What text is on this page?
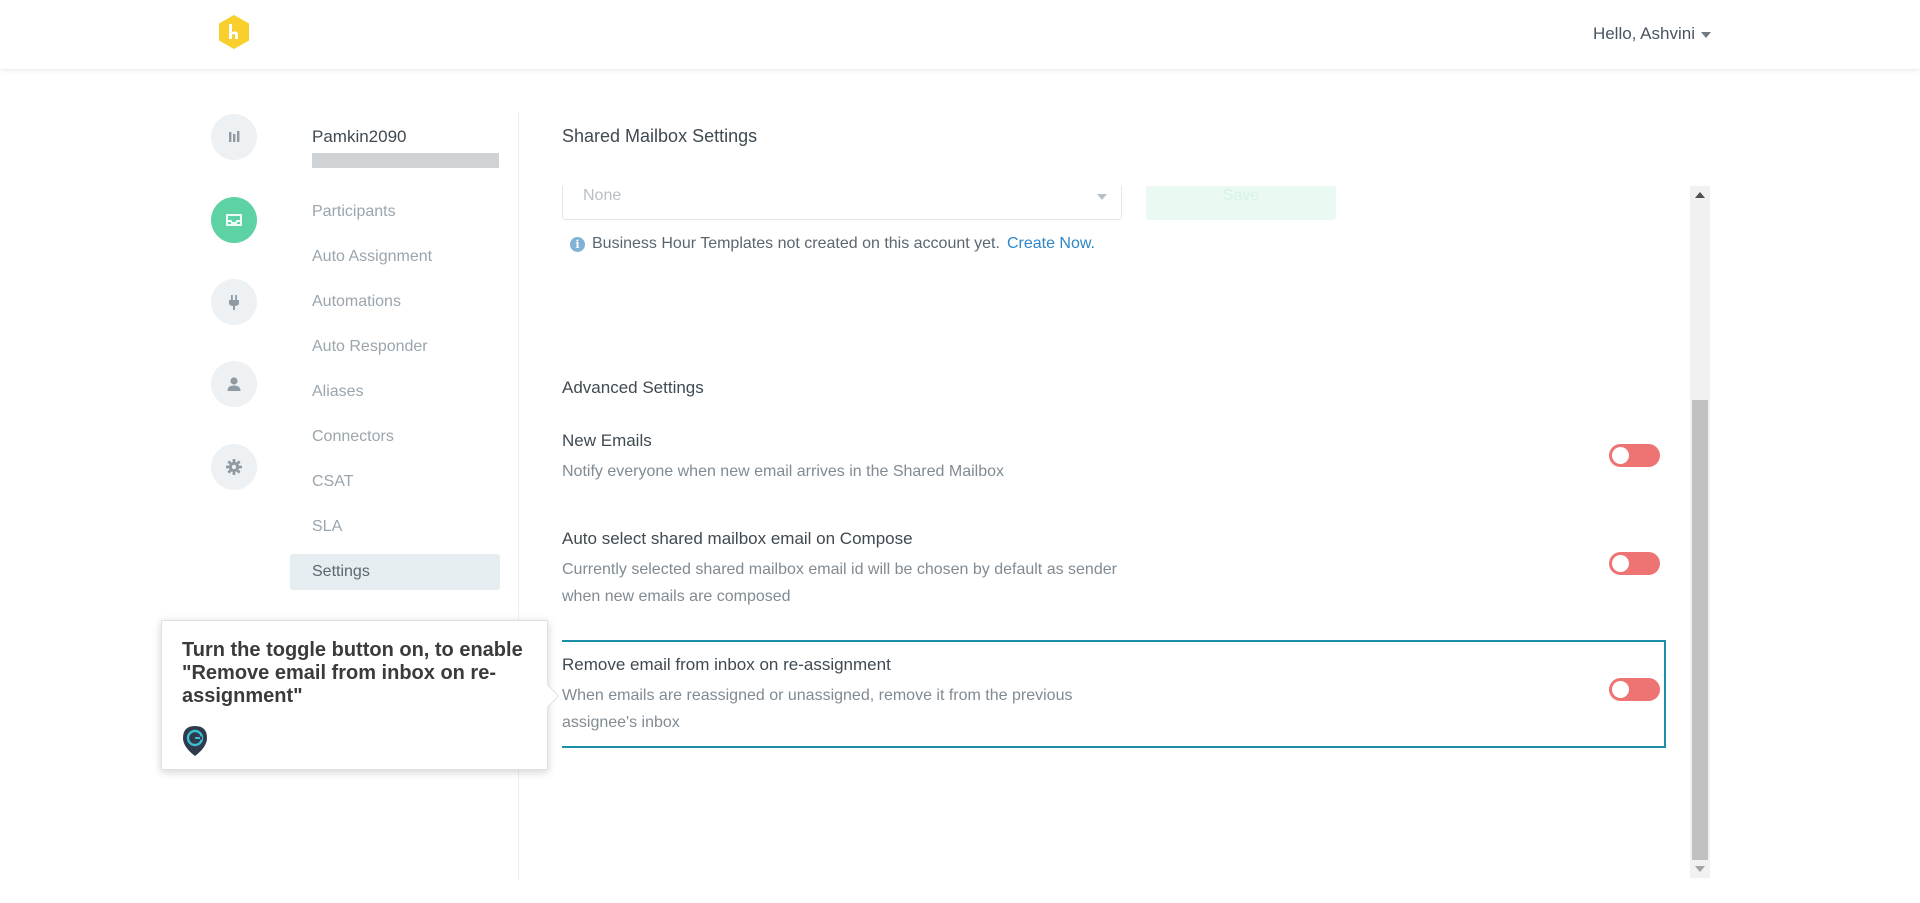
Hello, Ashvini
Pamkin2090
Participants
Auto Assignment
Automations
Auto Responder
Aliases
Connectors
CSAT
SLA
Settings
Shared Mailbox Settings
None	Save
i Business Hour Templates not created on this account yet. Create Now.
Advanced Settings
New Emails
Notify everyone when new email arrives in the Shared Mailbox
Auto select shared mailbox email on Compose
Currently selected shared mailbox email id will be chosen by default as sender when new emails are composed
Remove email from inbox on re-assignment
When emails are reassigned or unassigned, remove it from the previous assignee's inbox
Turn the toggle button on, to enable "Remove email from inbox on re-assignment"
